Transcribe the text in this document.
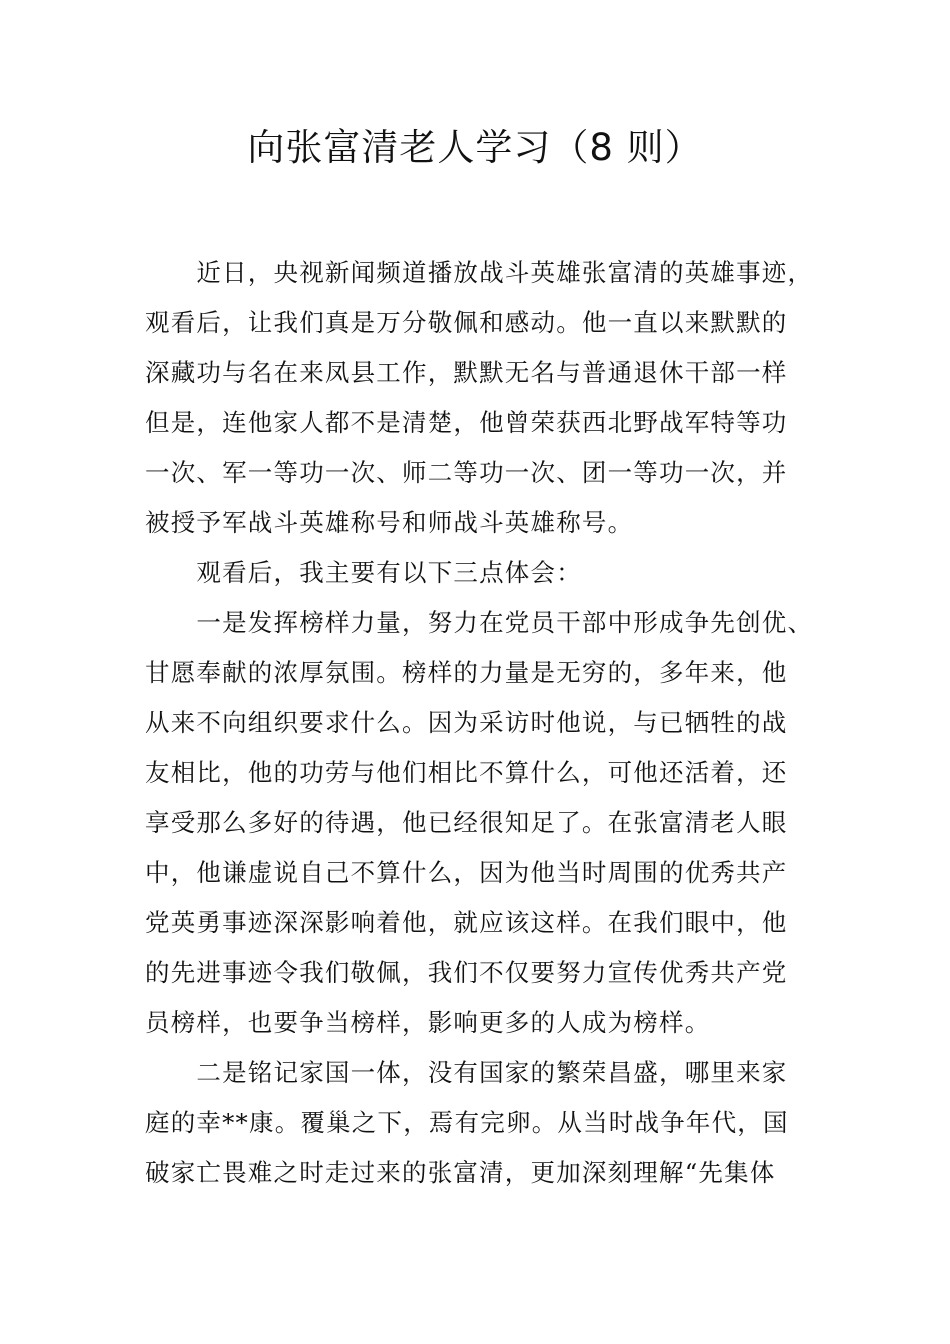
向张富清老人学习（8 则）

　　近日，央视新闻频道播放战斗英雄张富清的英雄事迹，
观看后，让我们真是万分敬佩和感动。他一直以来默默的
深藏功与名在来凤县工作，默默无名与普通退休干部一样
但是，连他家人都不是清楚，他曾荣获西北野战军特等功
一次、军一等功一次、师二等功一次、团一等功一次，并
被授予军战斗英雄称号和师战斗英雄称号。

　　观看后，我主要有以下三点体会：

　　一是发挥榜样力量，努力在党员干部中形成争先创优、
甘愿奉献的浓厚氛围。榜样的力量是无穷的，多年来，他
从来不向组织要求什么。因为采访时他说，与已牺牲的战
友相比，他的功劳与他们相比不算什么，可他还活着，还
享受那么多好的待遇，他已经很知足了。在张富清老人眼
中，他谦虚说自己不算什么，因为他当时周围的优秀共产
党英勇事迹深深影响着他，就应该这样。在我们眼中，他
的先进事迹令我们敬佩，我们不仅要努力宣传优秀共产党
员榜样，也要争当榜样，影响更多的人成为榜样。

　　二是铭记家国一体，没有国家的繁荣昌盛，哪里来家
庭的幸**康。覆巢之下，焉有完卵。从当时战争年代，国
破家亡畏难之时走过来的张富清，更加深刻理解“先集体
